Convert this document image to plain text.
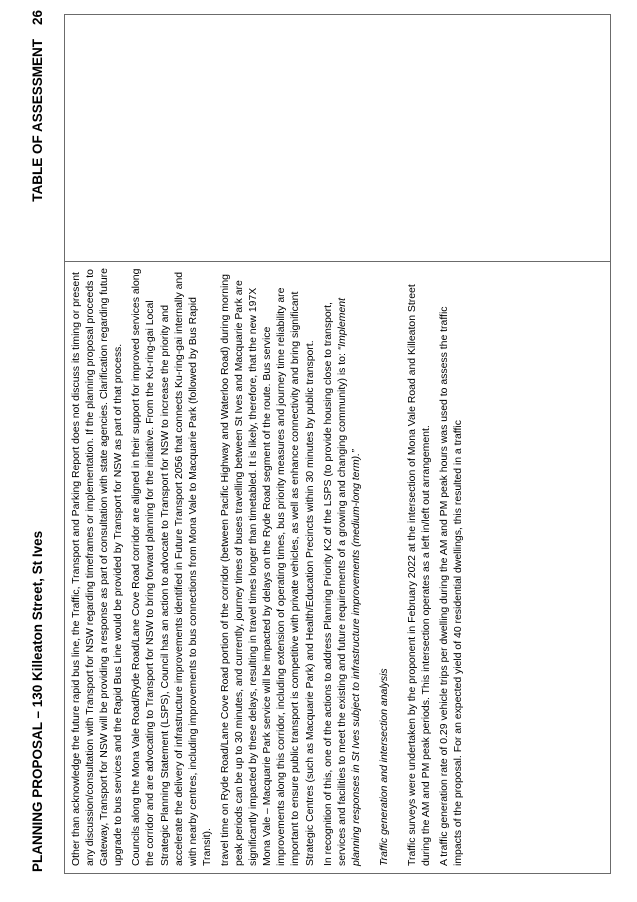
PLANNING PROPOSAL – 130 Killeaton Street, St Ives
TABLE OF ASSESSMENT26

Other than acknowledge the future rapid bus line, the Traffic, Transport and Parking Report does not discuss its timing or present any discussion/consultation with Transport for NSW regarding timeframes or implementation. If the planning proposal proceeds to Gateway, Transport for NSW will be providing a response as part of consultation with state agencies. Clarification regarding future upgrade to bus services and the Rapid Bus Line would be provided by Transport for NSW as part of that process. Councils along the Mona Vale Road/Ryde Road/Lane Cove Road corridor are aligned in their support for improved services along the corridor and are advocating to Transport for NSW to bring forward planning for the initiative. From the Ku-ring-gai Local Strategic Planning Statement (LSPS), Council has an action to advocate to Transport for NSW to increase the priority and accelerate the delivery of infrastructure improvements identified in Future Transport 2056 that connects Ku-ring-gai internally and with nearby centres, including improvements to bus connections from Mona Vale to Macquarie Park (followed by Bus Rapid Transit). travel time on Ryde Road/Lane Cove Road portion of the corridor (between Pacific Highway and Waterloo Road) during morning peak periods can be up to 30 minutes, and currently, journey times of buses travelling between St Ives and Macquarie Park are significantly impacted by these delays, resulting in travel times longer than timetabled. It is likely, therefore, that the new 197X Mona Vale – Macquarie Park service will be impacted by delays on the Ryde Road segment of the route. Bus service improvements along this corridor, including extension of operating times, bus priority measures and journey time reliability are important to ensure public transport is competitive with private vehicles, as well as enhance connectivity and bring significant Strategic Centres (such as Macquarie Park) and Health/Education Precincts within 30 minutes by public transport. In recognition of this, one of the actions to address Planning Priority K2 of the LSPS (to provide housing close to transport, services and facilities to meet the existing and future requirements of a growing and changing community) is to: “Implement planning responses in St Ives subject to infrastructure improvements (medium-long term).” Traffic generation and intersection analysis Traffic surveys were undertaken by the proponent in February 2022 at the intersection of Mona Vale Road and Killeaton Street during the AM and PM peak periods. This intersection operates as a left in/left out arrangement. A traffic generation rate of 0.29 vehicle trips per dwelling during the AM and PM peak hours was used to assess the traffic impacts of the proposal. For an expected yield of 40 residential dwellings, this resulted in a traffic
